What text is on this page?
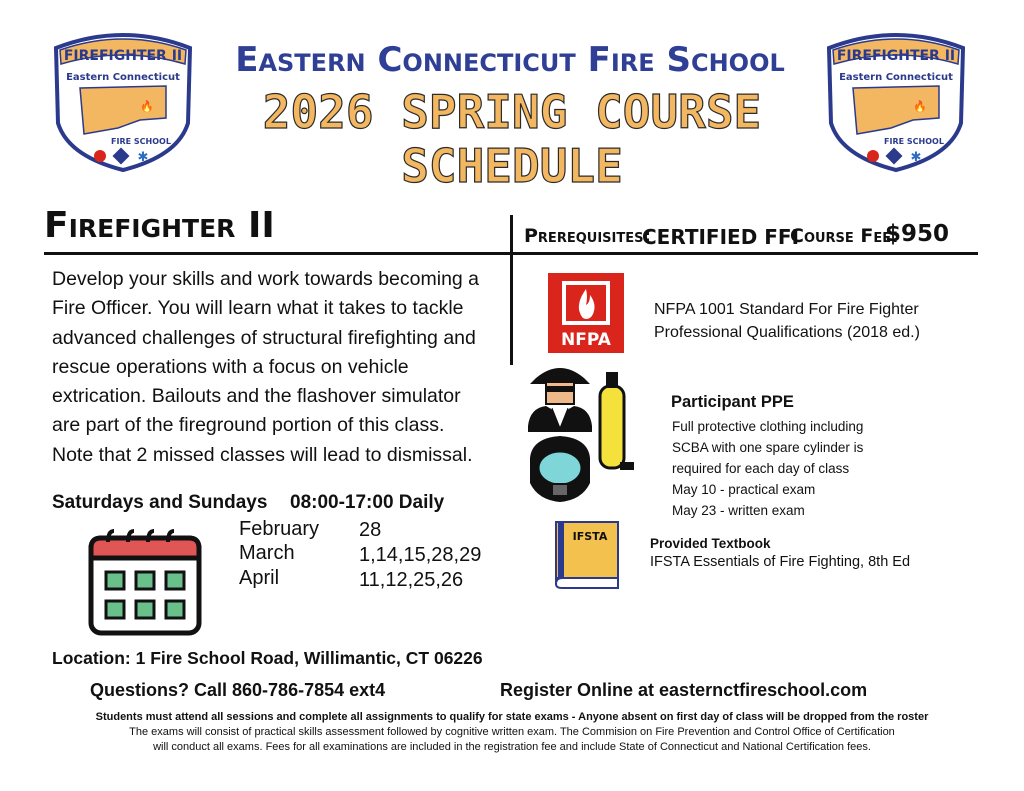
FIREFIGHTER II
Eastern Connecticut
🔥
FIRE SCHOOL
✱
FIREFIGHTER II
Eastern Connecticut
🔥
FIRE SCHOOL
✱
Eastern Connecticut Fire School
2026 SPRING COURSE SCHEDULE
Firefighter II	Prerequisites:
CERTIFIED FFI
Course Fee:
$950
Develop your skills and work towards becoming a
Fire Officer. You will learn what it takes to tackle
advanced challenges of structural firefighting and
rescue operations with a focus on vehicle
extrication. Bailouts and the flashover simulator
are part of the fireground portion of this class.
Note that 2 missed classes will lead to dismissal.
Saturdays and Sundays 08:00-17:00 Daily
February 28
March	1,14,15,28,29
April	11,12,25,26
Location: 1 Fire School Road, Willimantic, CT 06226
NFPA
NFPA 1001 Standard For Fire Fighter
Professional Qualifications (2018 ed.)
Participant PPE
Full protective clothing including
SCBA with one spare cylinder is
required for each day of class
May 10 - practical exam
May 23 - written exam
IFSTA	Provided Textbook
IFSTA Essentials of Fire Fighting, 8th Ed
Questions? Call 860-786-7854 ext4	Register Online at easternctfireschool.com
Students must attend all sessions and complete all assignments to qualify for state exams - Anyone absent on first day of class will be dropped from the roster
The exams will consist of practical skills assessment followed by cognitive written exam. The Commision on Fire Prevention and Control Office of Certification
will conduct all exams. Fees for all examinations are included in the registration fee and include State of Connecticut and National Certification fees.
